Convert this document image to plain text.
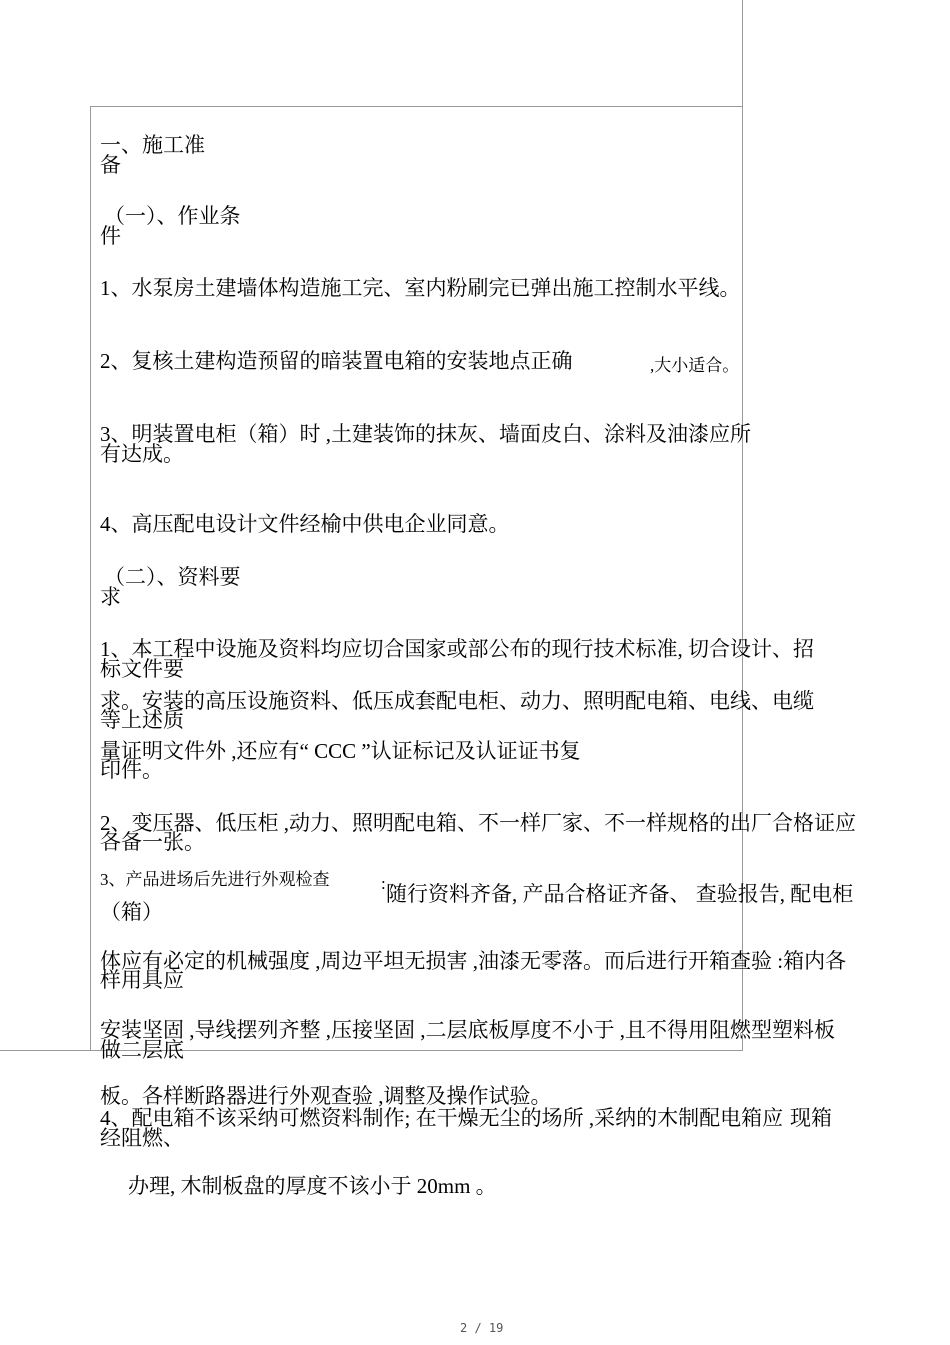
一、施工准
备
（一）、作业条
件
1、水泵房土建墙体构造施工完、室内粉刷完已弹出施工控制水平线。
2、复核土建构造预留的暗装置电箱的安装地点正确	,大小适合。
3、明装置电柜（箱）时 ,土建装饰的抹灰、墙面皮白、涂料及油漆应所
有达成。
4、高压配电设计文件经榆中供电企业同意。
（二）、资料要
求
1、本工程中设施及资料均应切合国家或部公布的现行技术标准, 切合设计、招
标文件要
求。安装的高压设施资料、低压成套配电柜、动力、照明配电箱、电线、电缆
等上述质
量证明文件外 ,还应有“ CCC ”认证标记及认证证书复
印件。
2、变压器、低压柜 ,动力、照明配电箱、不一样厂家、不一样规格的出厂合格证应
各备一张。
3、产品进场后先进行外观检查	: 随行资料齐备, 产品合格证齐备、 查验报告, 配电柜
（箱）
体应有必定的机械强度 ,周边平坦无损害 ,油漆无零落。而后进行开箱查验 :箱内各
样用具应
安装坚固 ,导线摆列齐整 ,压接坚固 ,二层底板厚度不小于 ,且不得用阻燃型塑料板
做二层底
板。各样断路器进行外观查验 ,调整及操作试验。
4、配电箱不该采纳可燃资料制作; 在干燥无尘的场所 ,采纳的木制配电箱应 现箱
经阻燃、
办理, 木制板盘的厚度不该小于 20mm 。
2 / 19
